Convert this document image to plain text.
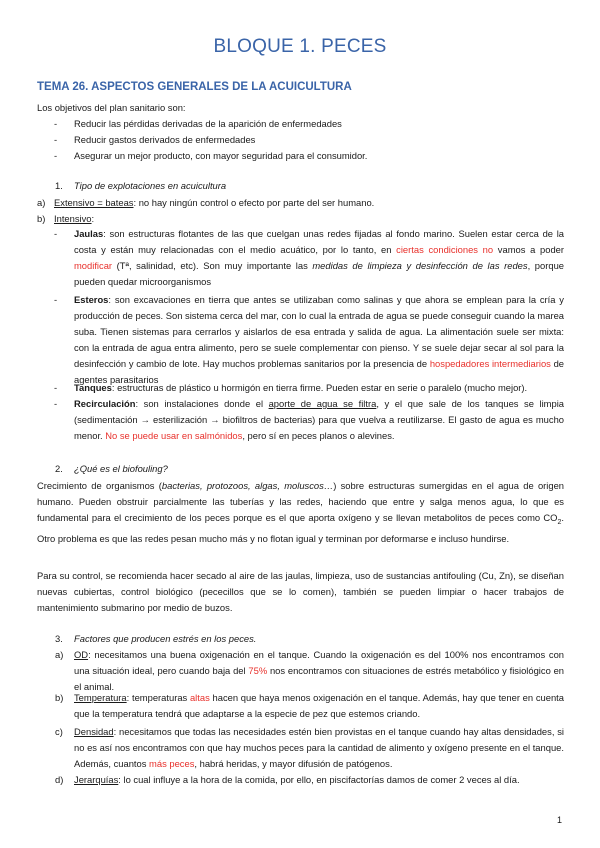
BLOQUE 1. PECES
TEMA 26. ASPECTOS GENERALES DE LA ACUICULTURA
Los objetivos del plan sanitario son:
- Reducir las pérdidas derivadas de la aparición de enfermedades
- Reducir gastos derivados de enfermedades
- Asegurar un mejor producto, con mayor seguridad para el consumidor.
1. Tipo de explotaciones en acuicultura
a) Extensivo = bateas: no hay ningún control o efecto por parte del ser humano.
b) Intensivo:
- Jaulas: son estructuras flotantes de las que cuelgan unas redes fijadas al fondo marino. Suelen estar cerca de la costa y están muy relacionadas con el medio acuático, por lo tanto, en ciertas condiciones no vamos a poder modificar (Tª, salinidad, etc). Son muy importante las medidas de limpieza y desinfección de las redes, porque pueden quedar microorganismos
- Esteros: son excavaciones en tierra que antes se utilizaban como salinas y que ahora se emplean para la cría y producción de peces. Son sistema cerca del mar, con lo cual la entrada de agua se puede conseguir cuando la marea suba. Tienen sistemas para cerrarlos y aislarlos de esa entrada y salida de agua. La alimentación suele ser mixta: con la entrada de agua entra alimento, pero se suele complementar con pienso. Y se suele dejar secar al sol para la desinfección y cambio de lote. Hay muchos problemas sanitarios por la presencia de hospedadores intermediarios de agentes parasitarios
- Tanques: estructuras de plástico u hormigón en tierra firme. Pueden estar en serie o paralelo (mucho mejor).
- Recirculación: son instalaciones donde el aporte de agua se filtra, y el que sale de los tanques se limpia (sedimentación → esterilización → biofiltros de bacterias) para que vuelva a reutilizarse. El gasto de agua es mucho menor. No se puede usar en salmónidos, pero sí en peces planos o alevines.
2. ¿Qué es el biofouling?
Crecimiento de organismos (bacterias, protozoos, algas, moluscos…) sobre estructuras sumergidas en el agua de origen humano. Pueden obstruir parcialmente las tuberías y las redes, haciendo que entre y salga menos agua, lo que es fundamental para el crecimiento de los peces porque es el que aporta oxígeno y se llevan metabolitos de peces como $CO_2$. Otro problema es que las redes pesan mucho más y no flotan igual y terminan por deformarse e incluso hundirse.
Para su control, se recomienda hacer secado al aire de las jaulas, limpieza, uso de sustancias antifouling (Cu, Zn), se diseñan nuevas cubiertas, control biológico (pececillos que se lo comen), también se pueden limpiar o hacer trabajos de mantenimiento submarino por medio de buzos.
3. Factores que producen estrés en los peces.
a) OD: necesitamos una buena oxigenación en el tanque. Cuando la oxigenación es del 100% nos encontramos con una situación ideal, pero cuando baja del 75% nos encontramos con situaciones de estrés metabólico y fisiológico en el animal.
b) Temperatura: temperaturas altas hacen que haya menos oxigenación en el tanque. Además, hay que tener en cuenta que la temperatura tendrá que adaptarse a la especie de pez que estemos criando.
c) Densidad: necesitamos que todas las necesidades estén bien provistas en el tanque cuando hay altas densidades, si no es así nos encontramos con que hay muchos peces para la cantidad de alimento y oxígeno presente en el tanque. Además, cuantos más peces, habrá heridas, y mayor difusión de patógenos.
d) Jerarquías: lo cual influye a la hora de la comida, por ello, en piscifactorías damos de comer 2 veces al día.
1
